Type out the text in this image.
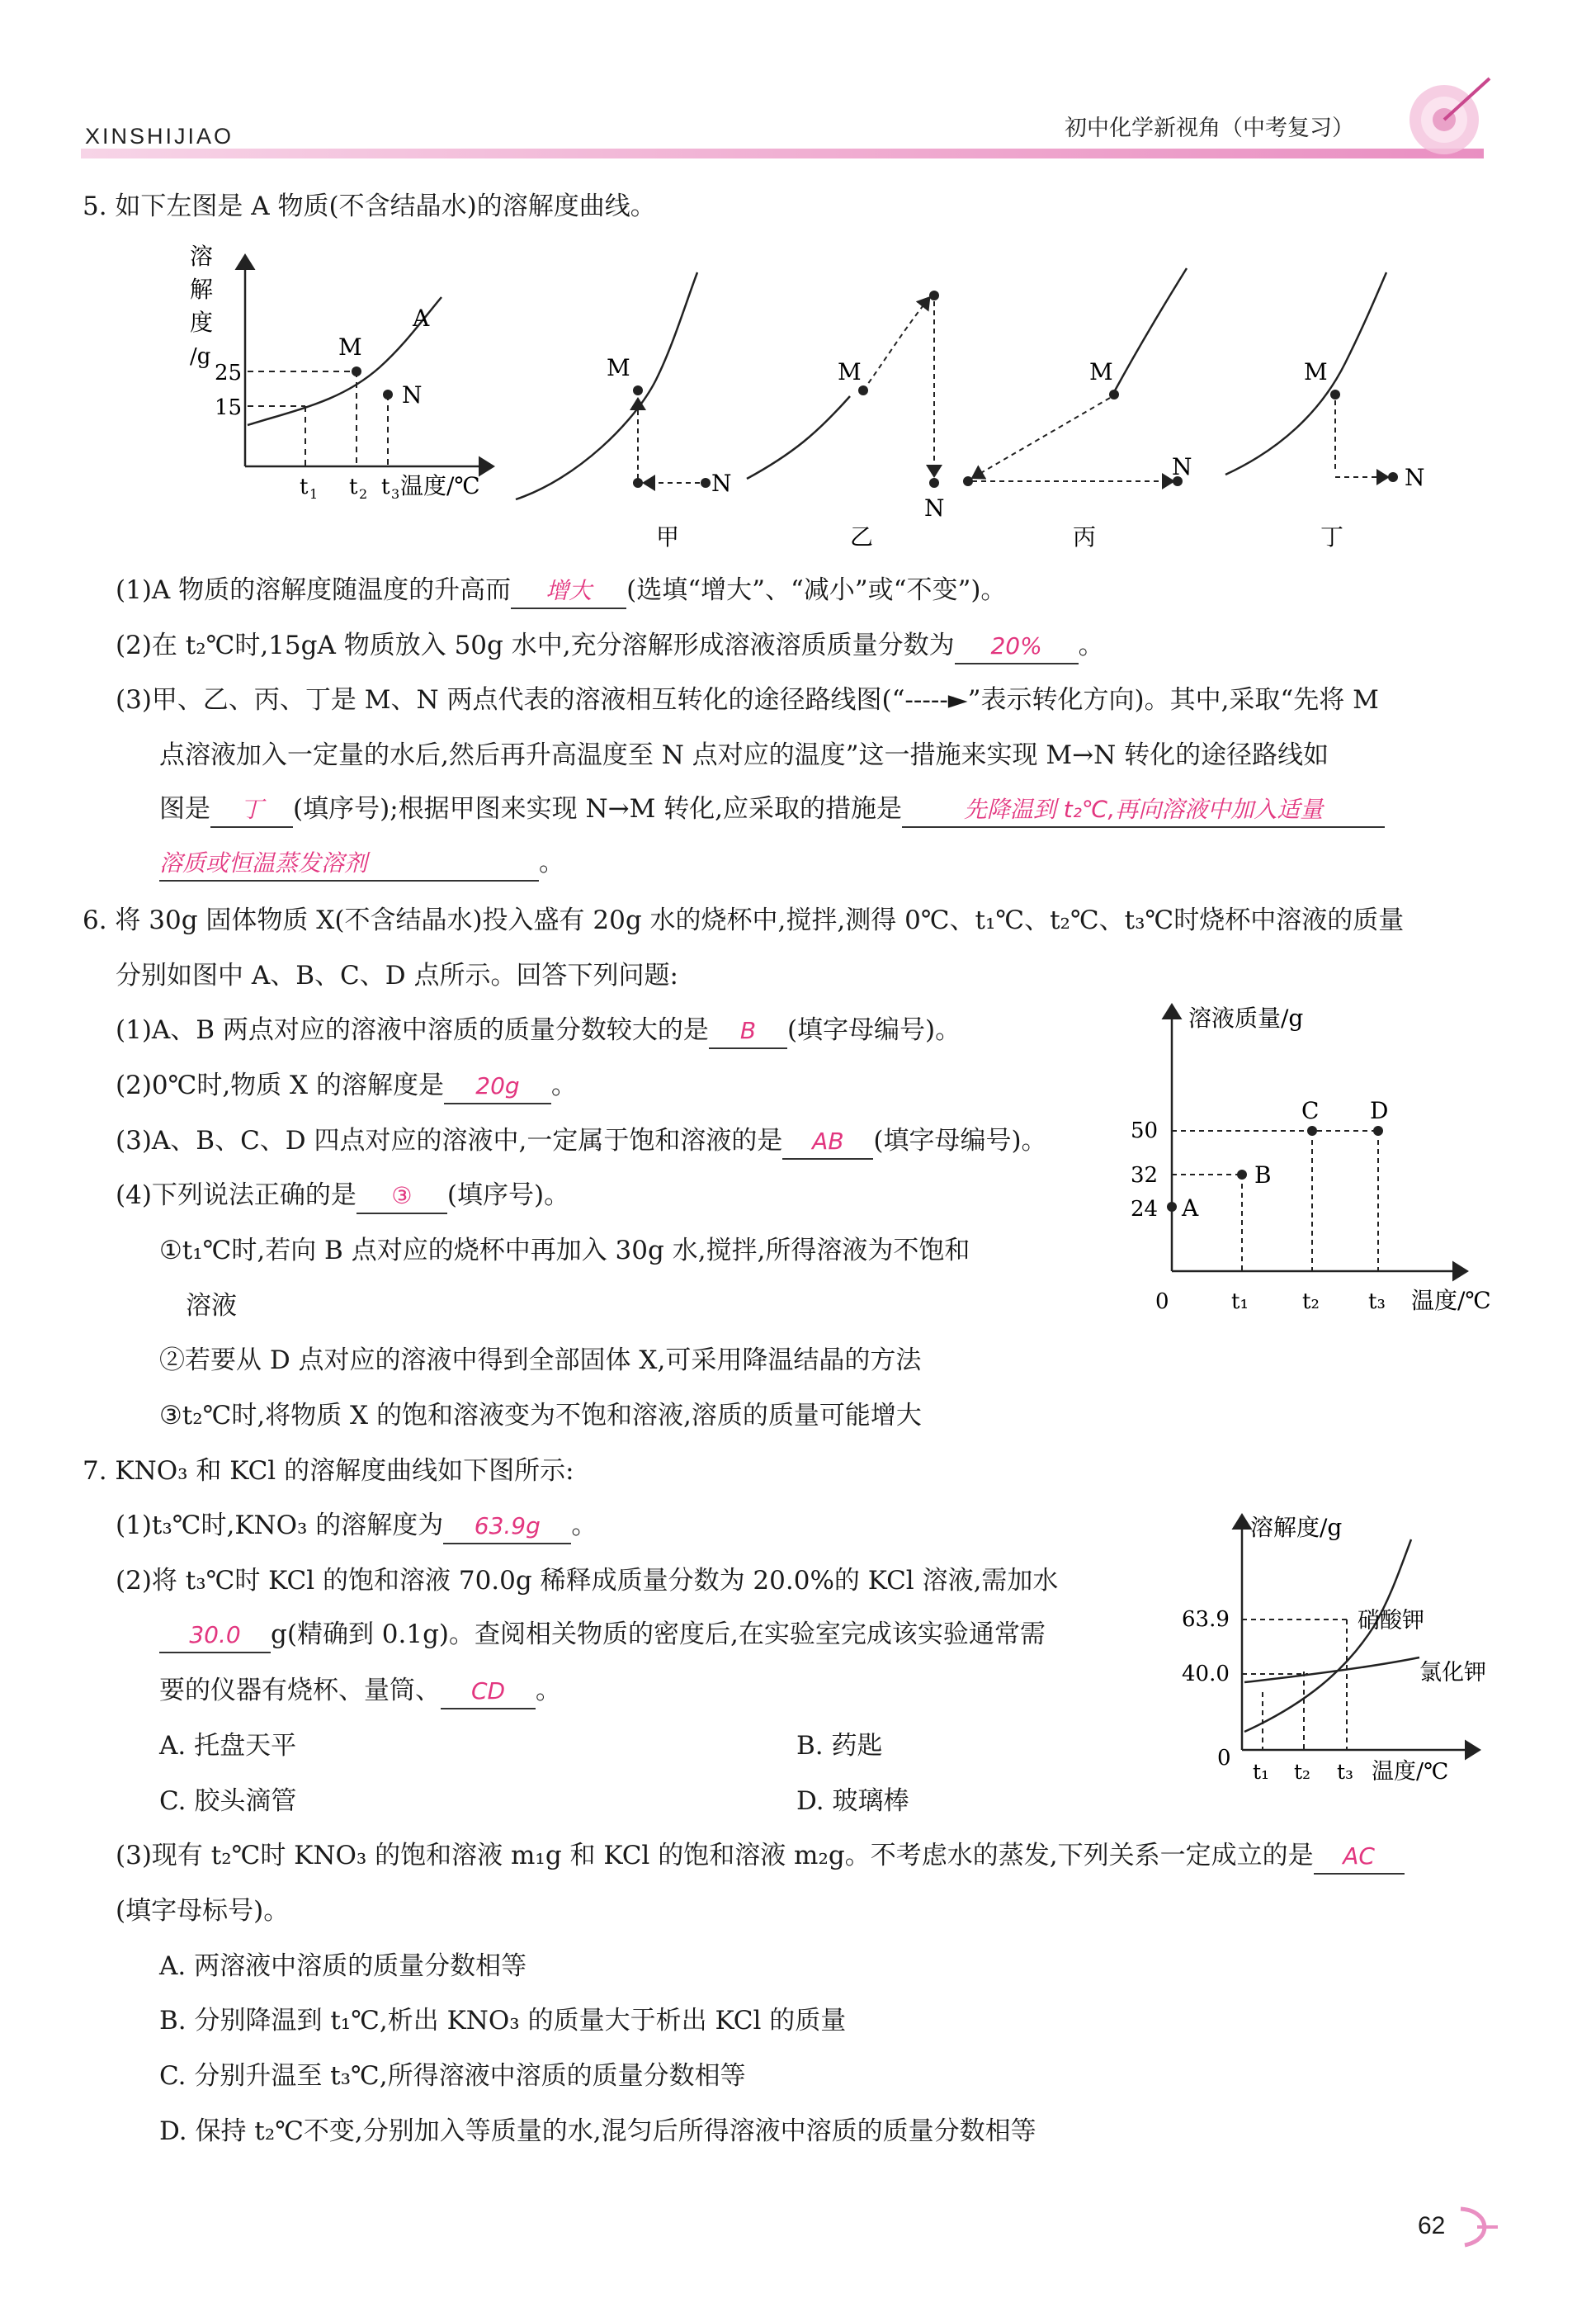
XINSHIJIAO	初中化学新视角（中考复习）
5. 如下左图是 A 物质(不含结晶水)的溶解度曲线。
溶
解
度
/g
25
15
A
M
N
t 1 t 2 t 3 温度/℃
M
N
甲
M
N
乙
M
N
丙
M
N
丁
(1)A 物质的溶解度随温度的升高而 增大 (选填“增大”、“减小”或“不变”)。
(2)在 t₂℃时,15gA 物质放入 50g 水中,充分溶解形成溶液溶质质量分数为 20% 。
(3)甲、乙、丙、丁是 M、N 两点代表的溶液相互转化的途径路线图(“‑‑‑‑‑►”表示转化方向)。其中,采取“先将 M
点溶液加入一定量的水后,然后再升高温度至 N 点对应的温度”这一措施来实现 M→N 转化的途径路线如
图是 丁 (填序号);根据甲图来实现 N→M 转化,应采取的措施是	先降温到 t₂℃,再向溶液中加入适量
溶质或恒温蒸发溶剂	。
6. 将 30g 固体物质 X(不含结晶水)投入盛有 20g 水的烧杯中,搅拌,测得 0℃、t₁℃、t₂℃、t₃℃时烧杯中溶液的质量
分别如图中 A、B、C、D 点所示。回答下列问题:
(1)A、B 两点对应的溶液中溶质的质量分数较大的是 B (填字母编号)。
(2)0℃时,物质 X 的溶解度是 20g 。
(3)A、B、C、D 四点对应的溶液中,一定属于饱和溶液的是 AB (填字母编号)。
(4)下列说法正确的是 ③ (填序号)。
①t₁℃时,若向 B 点对应的烧杯中再加入 30g 水,搅拌,所得溶液为不饱和
溶液
②若要从 D 点对应的溶液中得到全部固体 X,可采用降温结晶的方法
③t₂℃时,将物质 X 的饱和溶液变为不饱和溶液,溶质的质量可能增大
溶液质量/g
0
50
32
24 A
B
C D
t₁	t₂ t₃ 温度/℃
7. KNO₃ 和 KCl 的溶解度曲线如下图所示:
(1)t₃℃时,KNO₃ 的溶解度为 63.9g 。
(2)将 t₃℃时 KCl 的饱和溶液 70.0g 稀释成质量分数为 20.0%的 KCl 溶液,需加水
30.0 g(精确到 0.1g)。查阅相关物质的密度后,在实验室完成该实验通常需
要的仪器有烧杯、量筒、 CD 。
A. 托盘天平	B. 药匙
C. 胶头滴管	D. 玻璃棒
(3)现有 t₂℃时 KNO₃ 的饱和溶液 m₁g 和 KCl 的饱和溶液 m₂g。不考虑水的蒸发,下列关系一定成立的是 AC
(填字母标号)。
A. 两溶液中溶质的质量分数相等
B. 分别降温到 t₁℃,析出 KNO₃ 的质量大于析出 KCl 的质量
C. 分别升温至 t₃℃,所得溶液中溶质的质量分数相等
D. 保持 t₂℃不变,分别加入等质量的水,混匀后所得溶液中溶质的质量分数相等
溶解度/g
0
63.9
40.0
硝酸钾
氯化钾
t₁ t₂ t₃ 温度/℃
62
